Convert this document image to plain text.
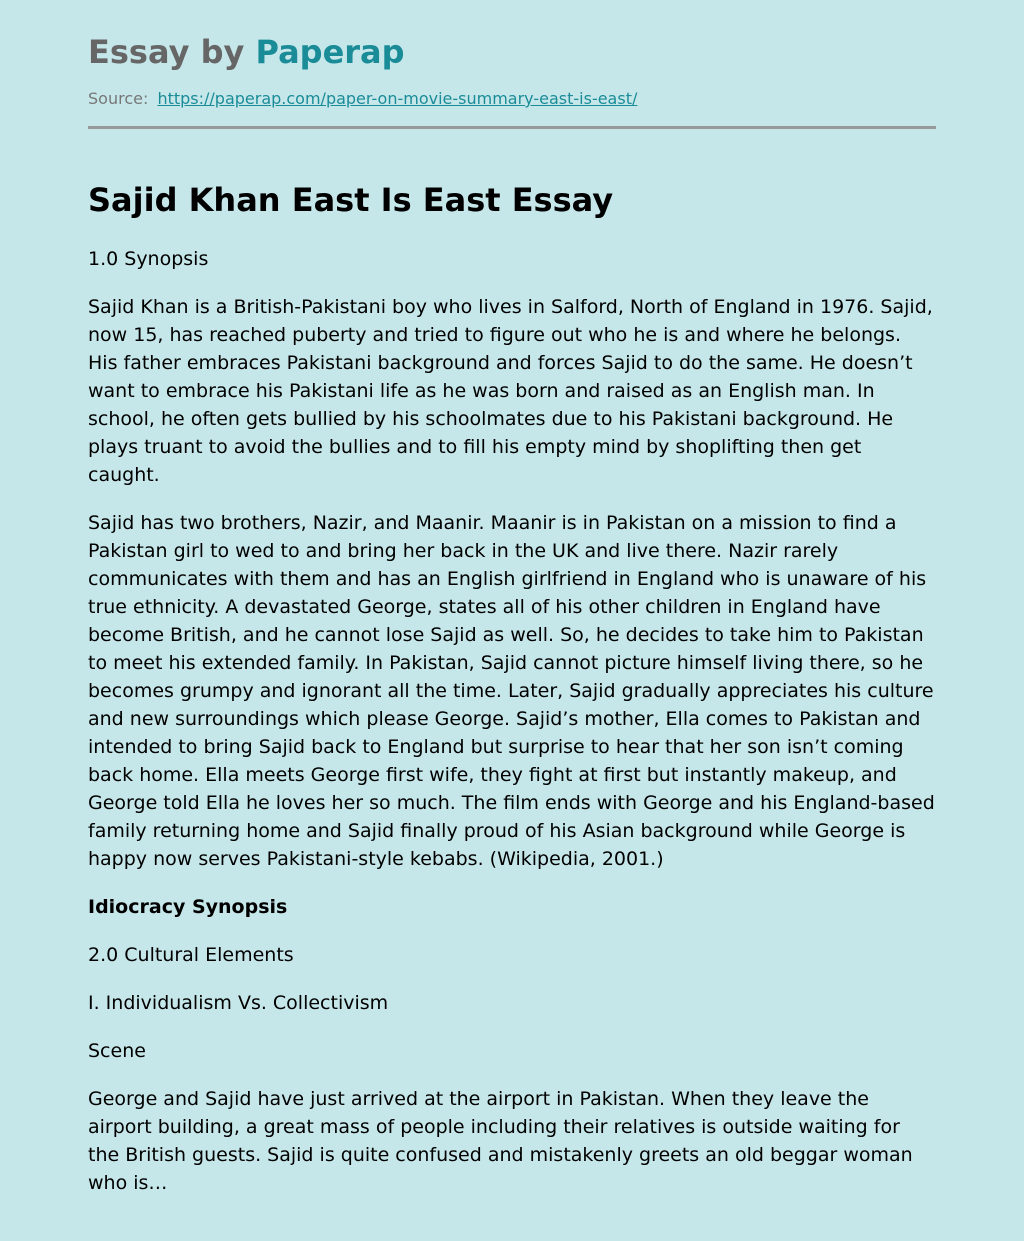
Essay by Paperap
Source: https://paperap.com/paper-on-movie-summary-east-is-east/
Sajid Khan East Is East Essay

1.0 Synopsis

Sajid Khan is a British-Pakistani boy who lives in Salford, North of England in 1976. Sajid, now 15, has reached puberty and tried to figure out who he is and where he belongs. His father embraces Pakistani background and forces Sajid to do the same. He doesn’t want to embrace his Pakistani life as he was born and raised as an English man. In school, he often gets bullied by his schoolmates due to his Pakistani background. He plays truant to avoid the bullies and to fill his empty mind by shoplifting then get caught.

Sajid has two brothers, Nazir, and Maanir. Maanir is in Pakistan on a mission to find a Pakistan girl to wed to and bring her back in the UK and live there. Nazir rarely communicates with them and has an English girlfriend in England who is unaware of his true ethnicity. A devastated George, states all of his other children in England have become British, and he cannot lose Sajid as well. So, he decides to take him to Pakistan to meet his extended family. In Pakistan, Sajid cannot picture himself living there, so he becomes grumpy and ignorant all the time. Later, Sajid gradually appreciates his culture and new surroundings which please George. Sajid’s mother, Ella comes to Pakistan and intended to bring Sajid back to England but surprise to hear that her son isn’t coming back home. Ella meets George first wife, they fight at first but instantly makeup, and George told Ella he loves her so much. The film ends with George and his England-based family returning home and Sajid finally proud of his Asian background while George is happy now serves Pakistani-style kebabs. (Wikipedia, 2001.)

Idiocracy Synopsis

2.0 Cultural Elements

I. Individualism Vs. Collectivism

Scene

George and Sajid have just arrived at the airport in Pakistan. When they leave the airport building, a great mass of people including their relatives is outside waiting for the British guests. Sajid is quite confused and mistakenly greets an old beggar woman who is…
